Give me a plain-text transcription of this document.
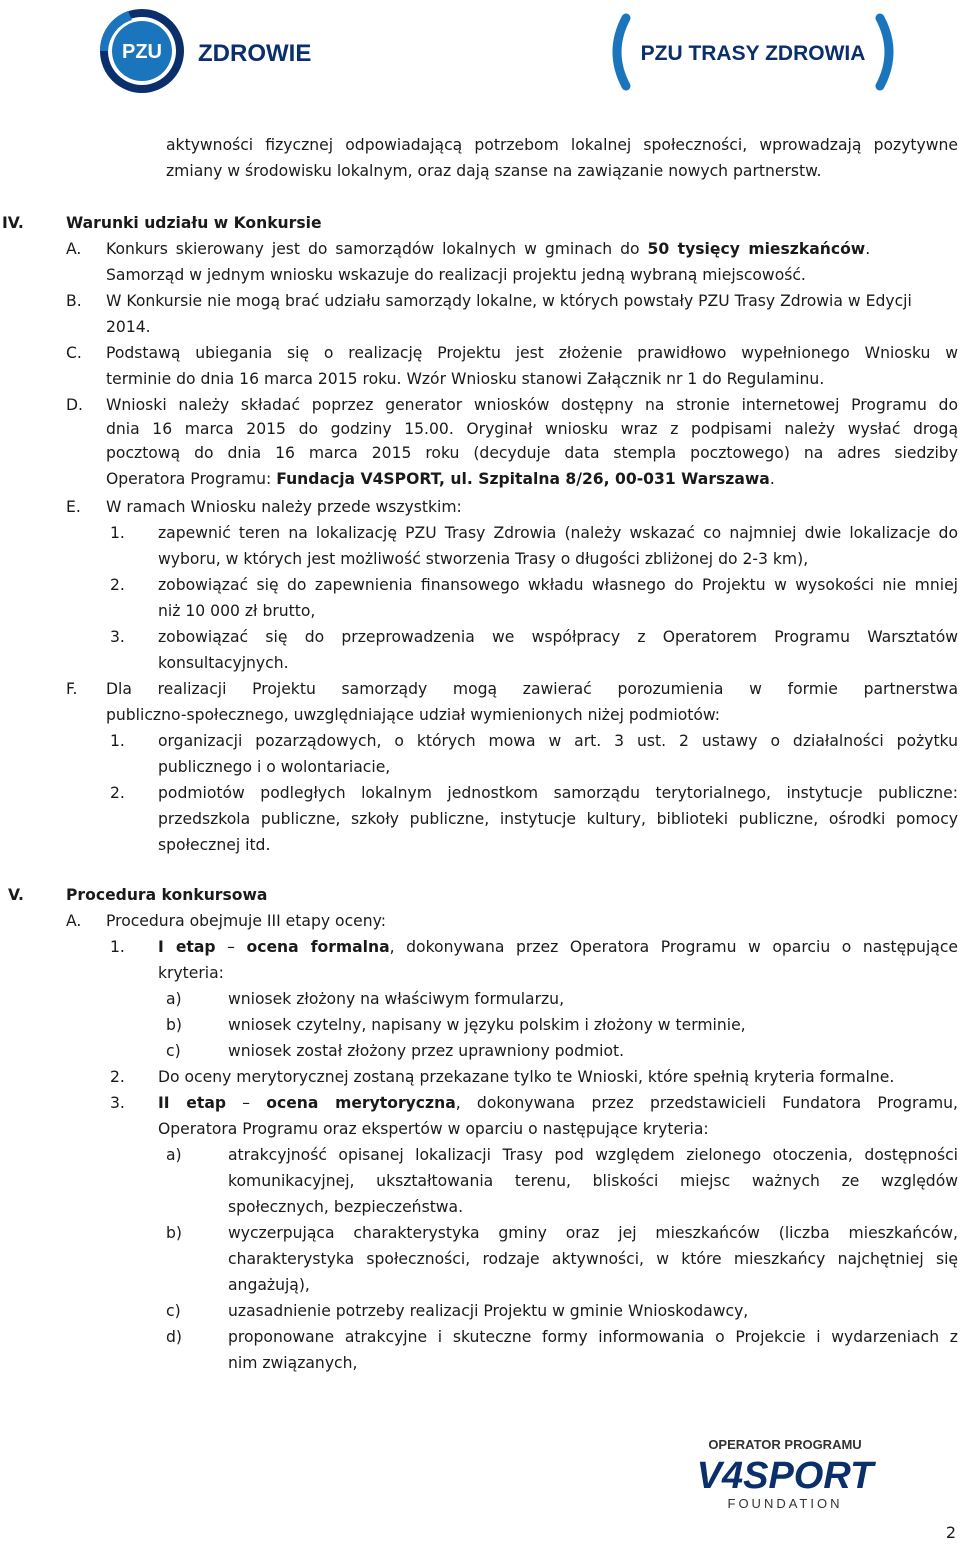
PZU ZDROWIE	PZU TRASY ZDROWIA
aktywności fizycznej odpowiadającą potrzebom lokalnej społeczności, wprowadzają pozytywne
zmiany w środowisku lokalnym, oraz dają szanse na zawiązanie nowych partnerstw.
IV.	Warunki udziału w Konkursie
A. Konkurs skierowany jest do samorządów lokalnych w gminach do 50 tysięcy mieszkańców.
Samorząd w jednym wniosku wskazuje do realizacji projektu jedną wybraną miejscowość.
B. W Konkursie nie mogą brać udziału samorządy lokalne, w których powstały PZU Trasy Zdrowia w Edycji
2014.
C. Podstawą ubiegania się o realizację Projektu jest złożenie prawidłowo wypełnionego Wniosku w
terminie do dnia 16 marca 2015 roku. Wzór Wniosku stanowi Załącznik nr 1 do Regulaminu.
D. Wnioski należy składać poprzez generator wniosków dostępny na stronie internetowej Programu do
dnia 16 marca 2015 do godziny 15.00. Oryginał wniosku wraz z podpisami należy wysłać drogą
pocztową do dnia 16 marca 2015 roku (decyduje data stempla pocztowego) na adres siedziby
Operatora Programu: Fundacja V4SPORT, ul. Szpitalna 8/26, 00-031 Warszawa.
E. W ramach Wniosku należy przede wszystkim:
1. zapewnić teren na lokalizację PZU Trasy Zdrowia (należy wskazać co najmniej dwie lokalizacje do
wyboru, w których jest możliwość stworzenia Trasy o długości zbliżonej do 2-3 km),
2. zobowiązać się do zapewnienia finansowego wkładu własnego do Projektu w wysokości nie mniej
niż 10 000 zł brutto,
3. zobowiązać się do przeprowadzenia we współpracy z Operatorem Programu Warsztatów
konsultacyjnych.
F. Dla realizacji Projektu samorządy mogą zawierać porozumienia w formie partnerstwa
publiczno-społecznego, uwzględniające udział wymienionych niżej podmiotów:
1. organizacji pozarządowych, o których mowa w art. 3 ust. 2 ustawy o działalności pożytku
publicznego i o wolontariacie,
2. podmiotów podległych lokalnym jednostkom samorządu terytorialnego, instytucje publiczne:
przedszkola publiczne, szkoły publiczne, instytucje kultury, biblioteki publiczne, ośrodki pomocy
społecznej itd.
V.	Procedura konkursowa
A. Procedura obejmuje III etapy oceny:
1. I etap – ocena formalna, dokonywana przez Operatora Programu w oparciu o następujące
kryteria:
a)	wniosek złożony na właściwym formularzu,
b)	wniosek czytelny, napisany w języku polskim i złożony w terminie,
c)	wniosek został złożony przez uprawniony podmiot.
2. Do oceny merytorycznej zostaną przekazane tylko te Wnioski, które spełnią kryteria formalne.
3. II etap – ocena merytoryczna, dokonywana przez przedstawicieli Fundatora Programu,
Operatora Programu oraz ekspertów w oparciu o następujące kryteria:
a)	atrakcyjność opisanej lokalizacji Trasy pod względem zielonego otoczenia, dostępności
komunikacyjnej, ukształtowania terenu, bliskości miejsc ważnych ze względów
społecznych, bezpieczeństwa.
b)	wyczerpująca charakterystyka gminy oraz jej mieszkańców (liczba mieszkańców,
charakterystyka społeczności, rodzaje aktywności, w które mieszkańcy najchętniej się
angażują),
c)	uzasadnienie potrzeby realizacji Projektu w gminie Wnioskodawcy,
d)	proponowane atrakcyjne i skuteczne formy informowania o Projekcie i wydarzeniach z
nim związanych,
OPERATOR PROGRAMU
V4SPORT
FOUNDATION
2
